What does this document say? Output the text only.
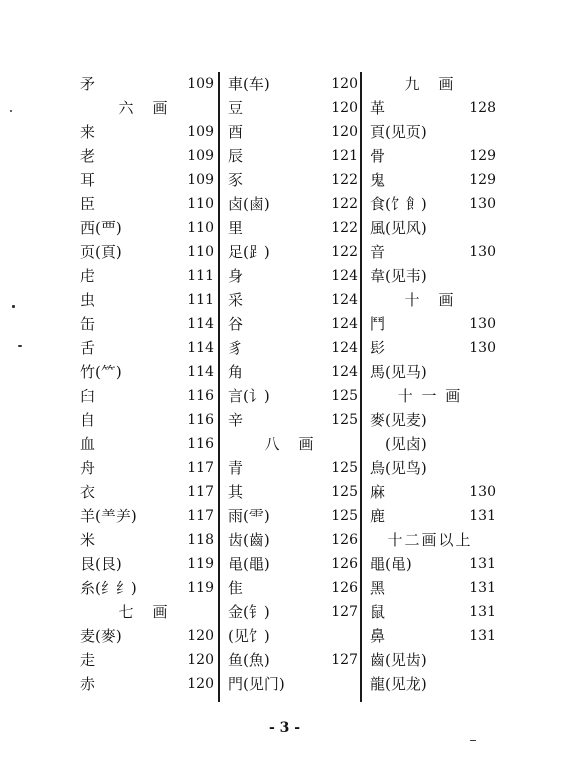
矛	109
六　画
来	109
老	109
耳	109
臣	110
西(覀)	110
页(頁)	110
虍	111
虫	111
缶	114
舌	114
竹(⺮)	114
臼	116
自	116
血	116
舟	117
衣	117
羊(⺷⺶)	117
米	118
艮(⾉)	119
糸(纟纟)	119
七　画
麦(麥)	120
走	120
赤	120
車(车)	120
豆	120
酉	120
辰	121
豕	122
卤(鹵)	122
里	122
足(⻊)	122
身	124
采	124
谷	124
豸	124
角	124
言(讠)	125
辛	125
八　画
青	125
其	125
雨(⻗)	125
齿(齒)	126
黾(黽)	126
隹	126
金(钅)	127
(见饣)
鱼(魚)	127
門(见门)
九　画
革	128
頁(见页)
骨	129
鬼	129
食(饣飠)	130
風(见风)
音	130
韋(见韦)
十　画
鬥	130
髟	130
馬(见马)
十 一 画
麥(见麦)
　(见卤)
鳥(见鸟)
麻	130
鹿	131
十二画以上
黽(黾)	131
黑	131
鼠	131
鼻	131
齒(见齿)
龍(见龙)
- 3 -
